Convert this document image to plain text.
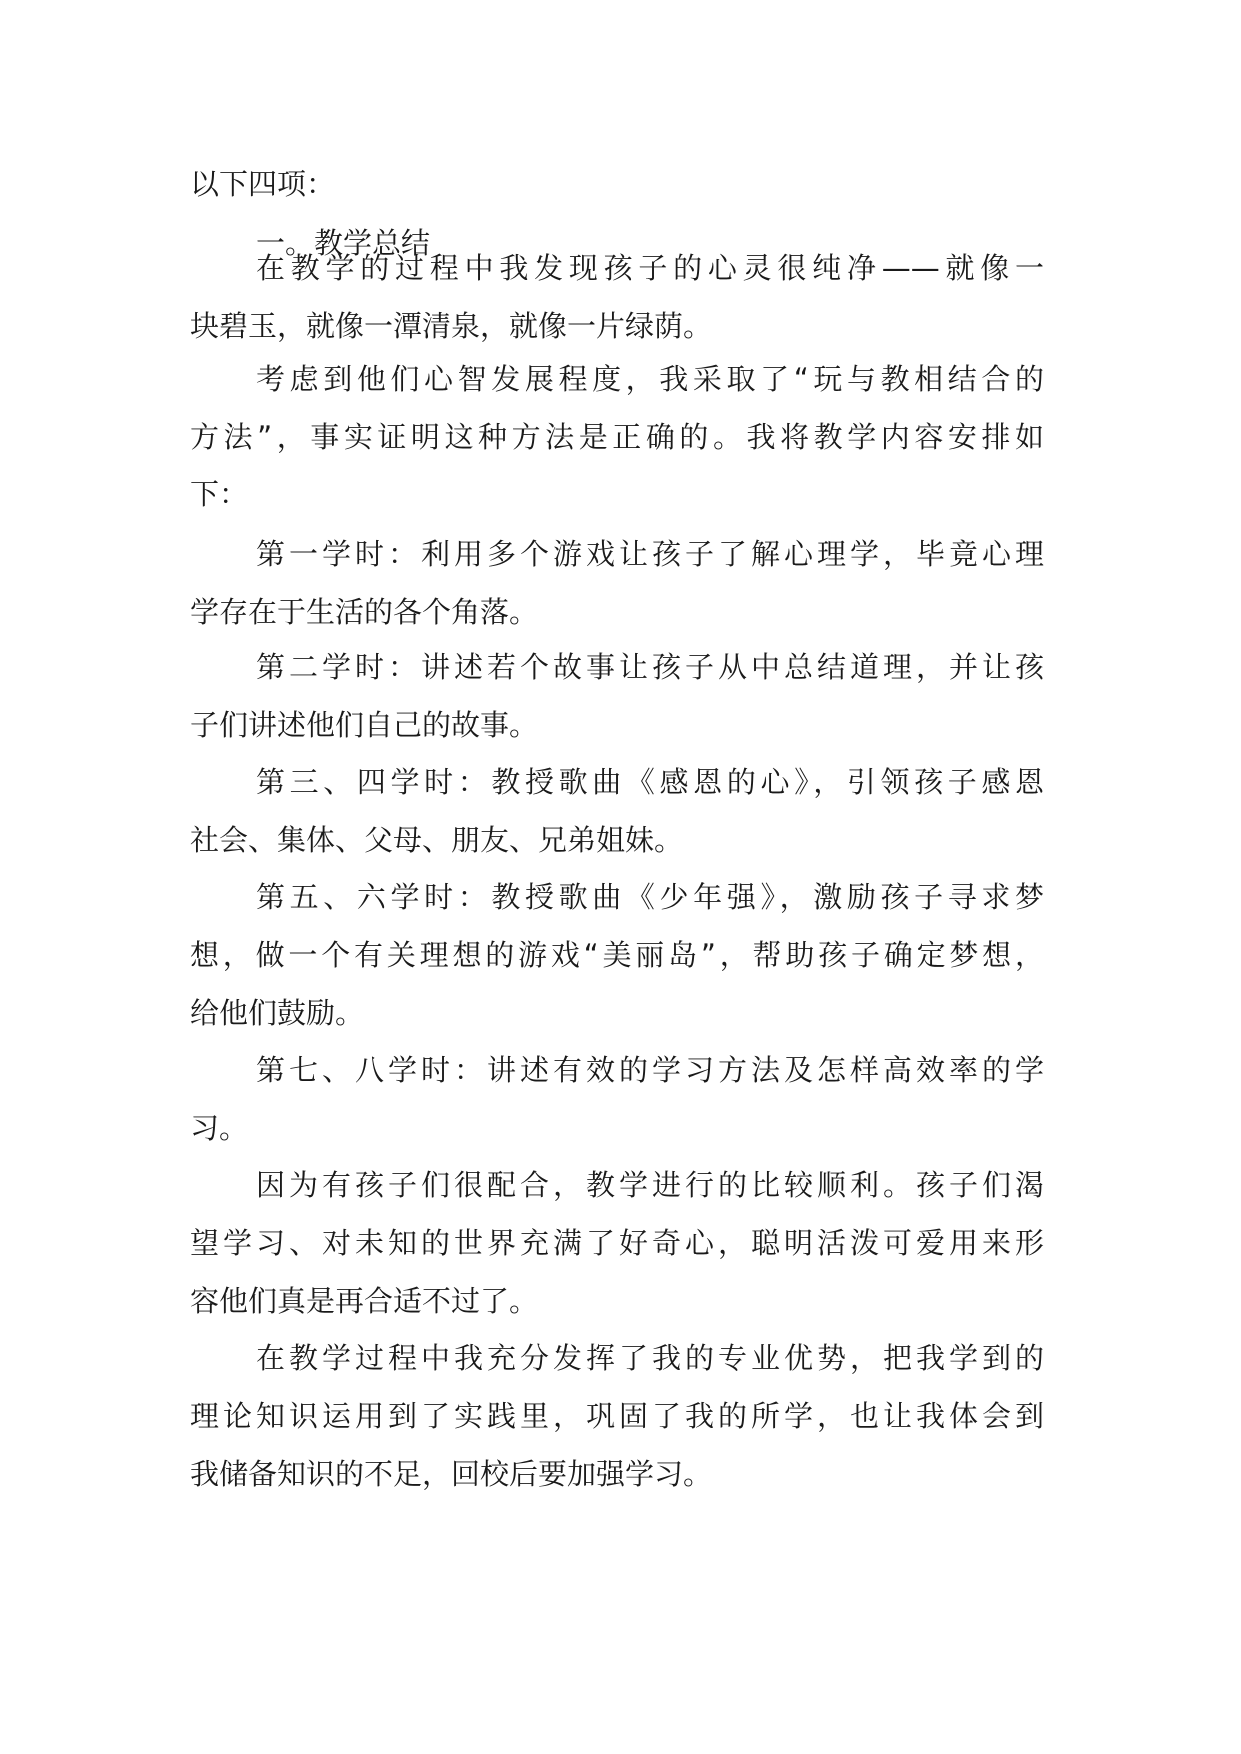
以下四项：
一。教学总结
在教学的过程中我发现孩子的心灵很纯净——就像一
块碧玉，就像一潭清泉，就像一片绿荫。
考虑到他们心智发展程度，我采取了“玩与教相结合的
方法”，事实证明这种方法是正确的。我将教学内容安排如
下：
第一学时：利用多个游戏让孩子了解心理学，毕竟心理
学存在于生活的各个角落。
第二学时：讲述若个故事让孩子从中总结道理，并让孩
子们讲述他们自己的故事。
第三、四学时：教授歌曲《感恩的心》，引领孩子感恩
社会、集体、父母、朋友、兄弟姐妹。
第五、六学时：教授歌曲《少年强》，激励孩子寻求梦
想，做一个有关理想的游戏“美丽岛”，帮助孩子确定梦想，
给他们鼓励。
第七、八学时：讲述有效的学习方法及怎样高效率的学
习。
因为有孩子们很配合，教学进行的比较顺利。孩子们渴
望学习、对未知的世界充满了好奇心，聪明活泼可爱用来形
容他们真是再合适不过了。
在教学过程中我充分发挥了我的专业优势，把我学到的
理论知识运用到了实践里，巩固了我的所学，也让我体会到
我储备知识的不足，回校后要加强学习。
